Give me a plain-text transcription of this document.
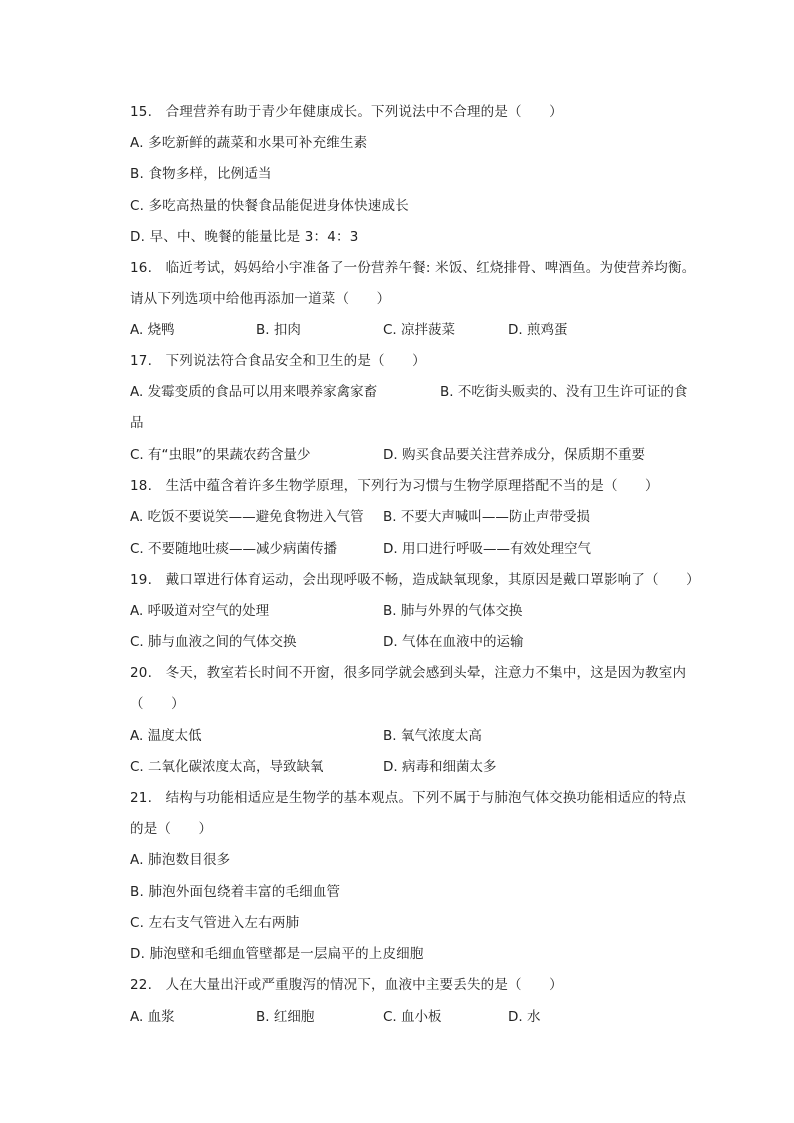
15. 合理营养有助于青少年健康成长。下列说法中不合理的是（　　）
A. 多吃新鲜的蔬菜和水果可补充维生素
B. 食物多样，比例适当
C. 多吃高热量的快餐食品能促进身体快速成长
D. 早、中、晚餐的能量比是 3：4：3
16. 临近考试，妈妈给小宇准备了一份营养午餐: 米饭、红烧排骨、啤酒鱼。为使营养均衡。
请从下列选项中给他再添加一道菜（　　）
A. 烧鸭	B. 扣肉	C. 凉拌菠菜	D. 煎鸡蛋
17. 下列说法符合食品安全和卫生的是（　　）
A. 发霉变质的食品可以用来喂养家禽家畜	B. 不吃街头贩卖的、没有卫生许可证的食
品
C. 有“虫眼”的果蔬农药含量少	D. 购买食品要关注营养成分，保质期不重要
18. 生活中蕴含着许多生物学原理，下列行为习惯与生物学原理搭配不当的是（　　）
A. 吃饭不要说笑——避免食物进入气管 B. 不要大声喊叫——防止声带受损
C. 不要随地吐痰——减少病菌传播	D. 用口进行呼吸——有效处理空气
19. 戴口罩进行体育运动，会出现呼吸不畅，造成缺氧现象，其原因是戴口罩影响了（　　）
A. 呼吸道对空气的处理	B. 肺与外界的气体交换
C. 肺与血液之间的气体交换	D. 气体在血液中的运输
20. 冬天，教室若长时间不开窗，很多同学就会感到头晕，注意力不集中，这是因为教室内
（　　）
A. 温度太低	B. 氧气浓度太高
C. 二氧化碳浓度太高，导致缺氧	D. 病毒和细菌太多
21. 结构与功能相适应是生物学的基本观点。下列不属于与肺泡气体交换功能相适应的特点
的是（　　）
A. 肺泡数目很多
B. 肺泡外面包绕着丰富的毛细血管
C. 左右支气管进入左右两肺
D. 肺泡壁和毛细血管壁都是一层扁平的上皮细胞
22. 人在大量出汗或严重腹泻的情况下，血液中主要丢失的是（　　）
A. 血浆	B. 红细胞	C. 血小板	D. 水
